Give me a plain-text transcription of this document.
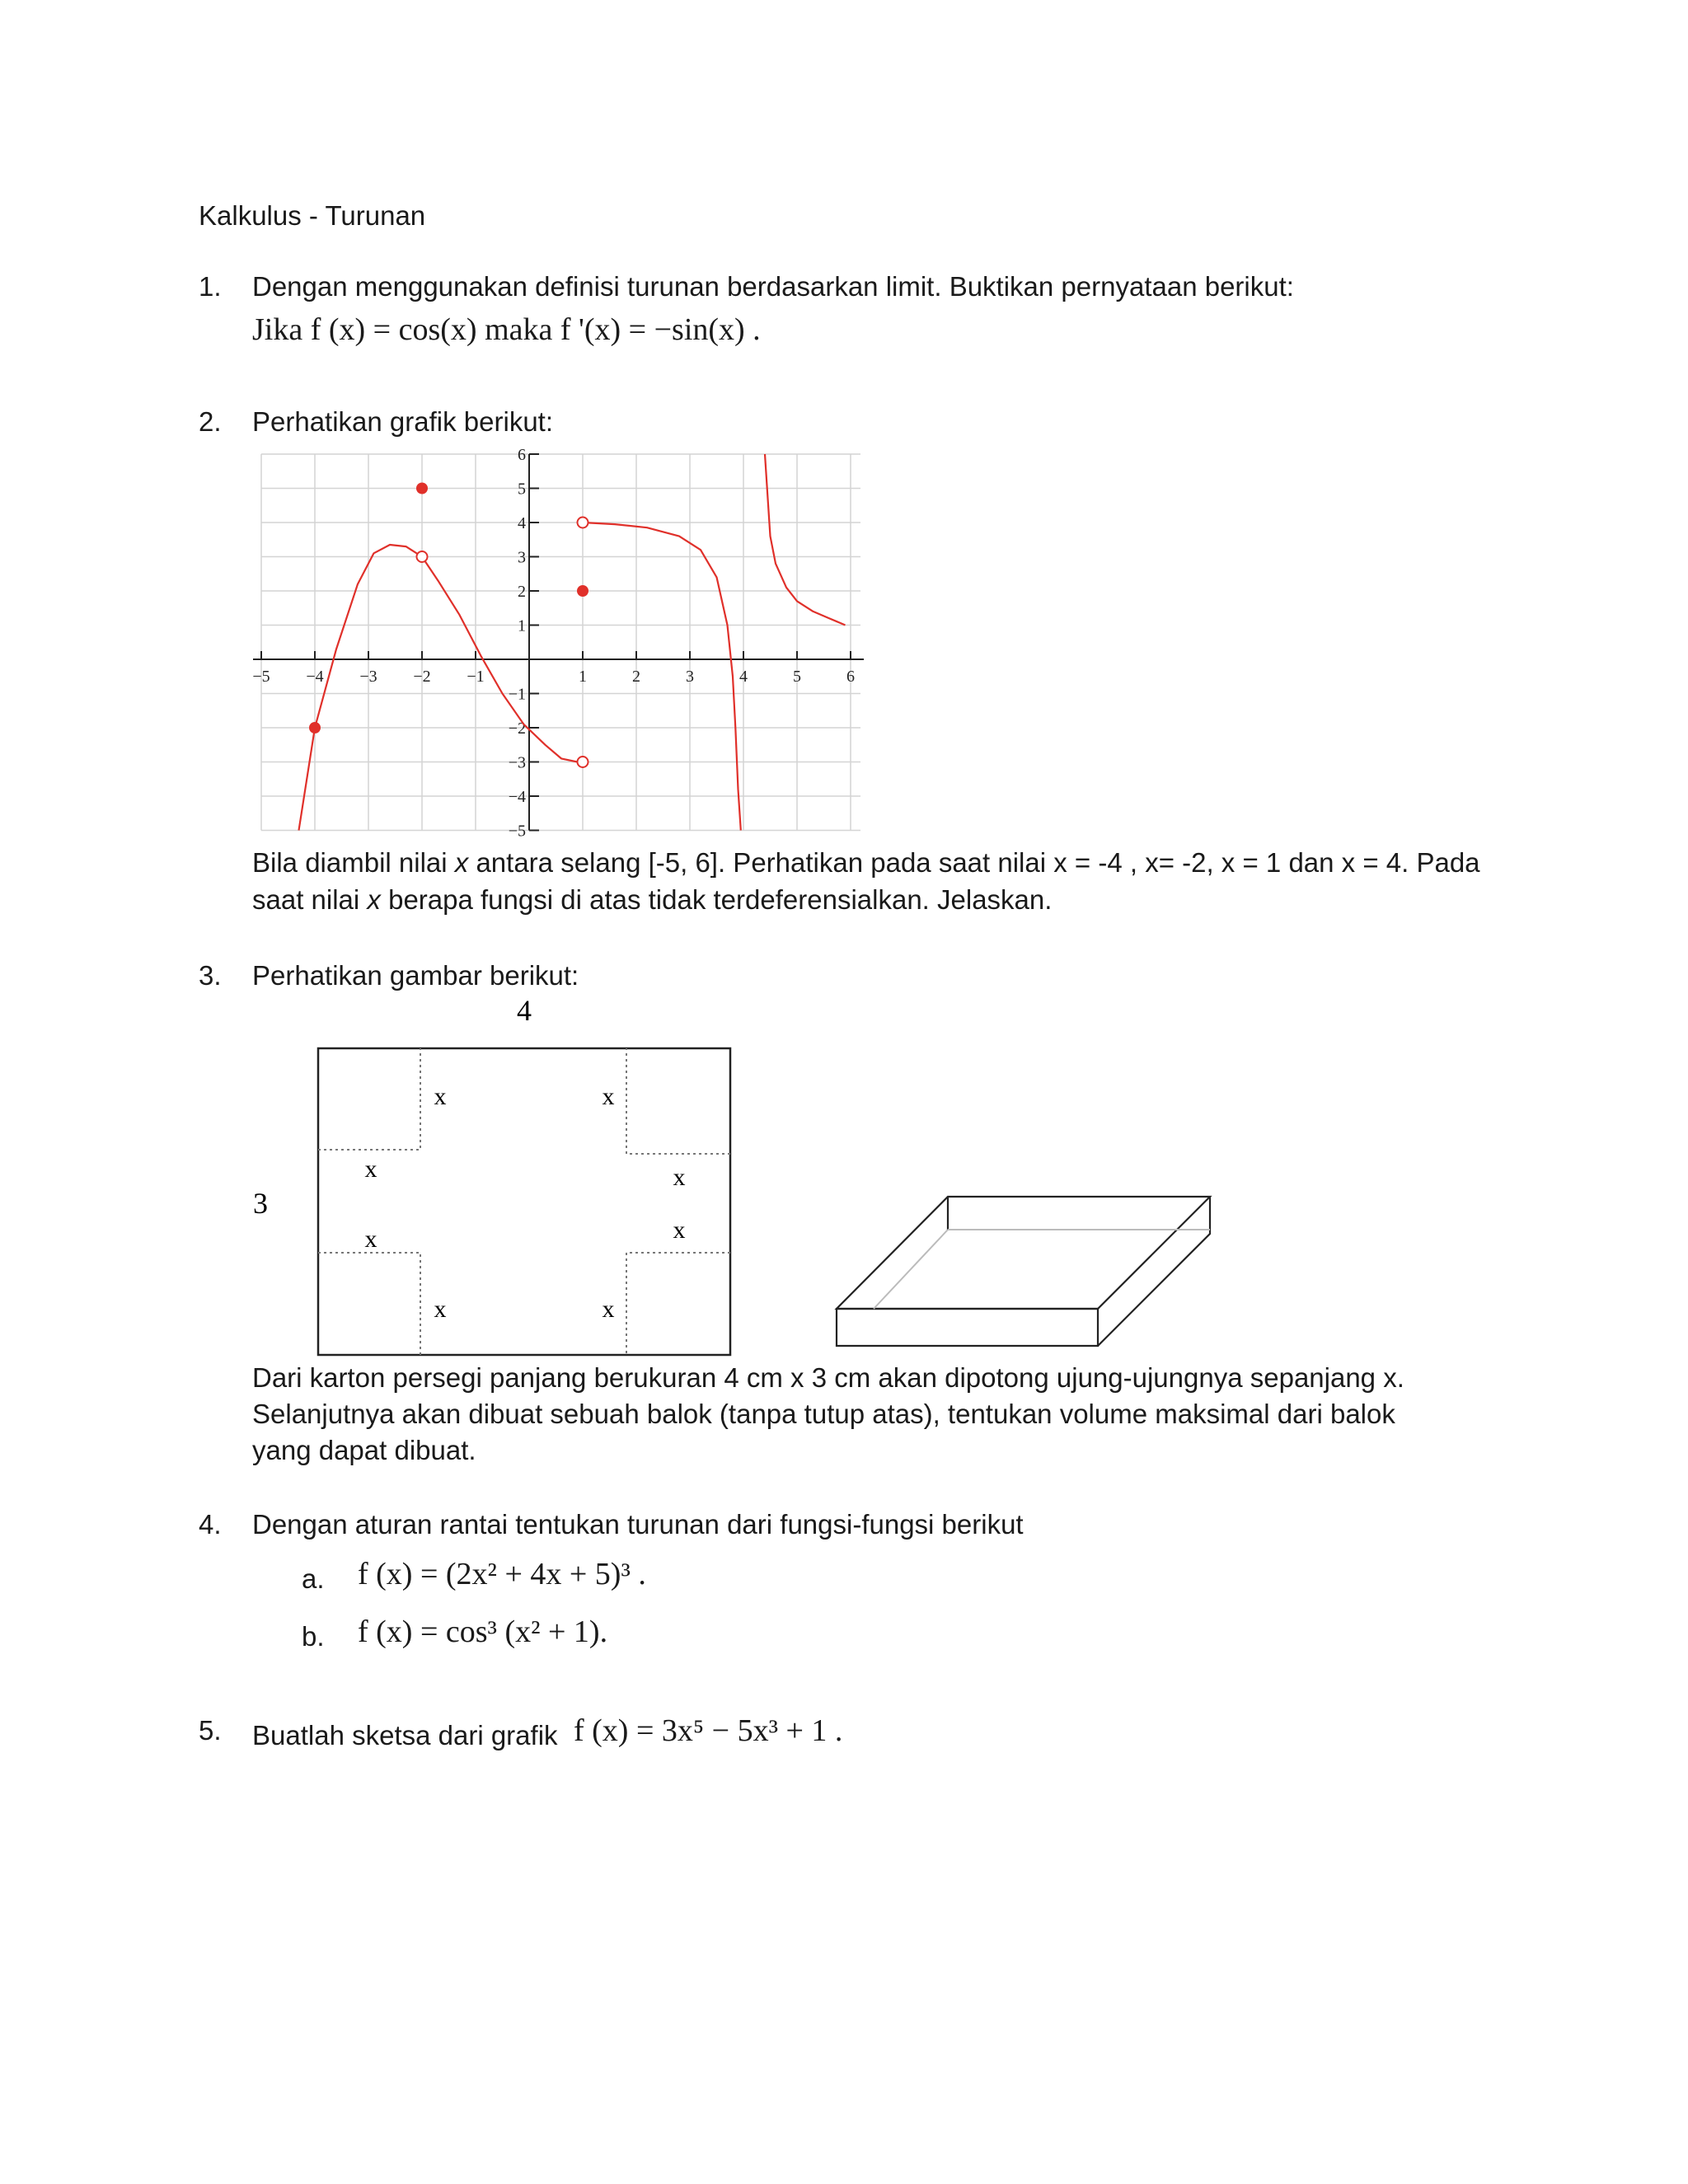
Kalkulus - Turunan
1. Dengan menggunakan definisi turunan berdasarkan limit. Buktikan pernyataan berikut:
Jika f (x) = cos(x) maka f '(x) = −sin(x) .
2. Perhatikan grafik berikut:
−5 −4 −3 −2 −1	1	2	3	4	5	6
6
5
4
3
2
1
−1
−2
−3
−4
−5
Bila diambil nilai x antara selang [-5, 6]. Perhatikan pada saat nilai x = -4 , x= -2, x = 1 dan x = 4. Pada
saat nilai x berapa fungsi di atas tidak terdeferensialkan. Jelaskan.
3. Perhatikan gambar berikut:
4
3
x	x
x	x
x	x
x	x
Dari karton persegi panjang berukuran 4 cm x 3 cm akan dipotong ujung-ujungnya sepanjang x.
Selanjutnya akan dibuat sebuah balok (tanpa tutup atas), tentukan volume maksimal dari balok
yang dapat dibuat.
4. Dengan aturan rantai tentukan turunan dari fungsi-fungsi berikut
a. f (x) = (2x² + 4x + 5)³ .
b. f (x) = cos³ (x² + 1).
5. Buatlah sketsa dari grafik f (x) = 3x⁵ − 5x³ + 1 .
